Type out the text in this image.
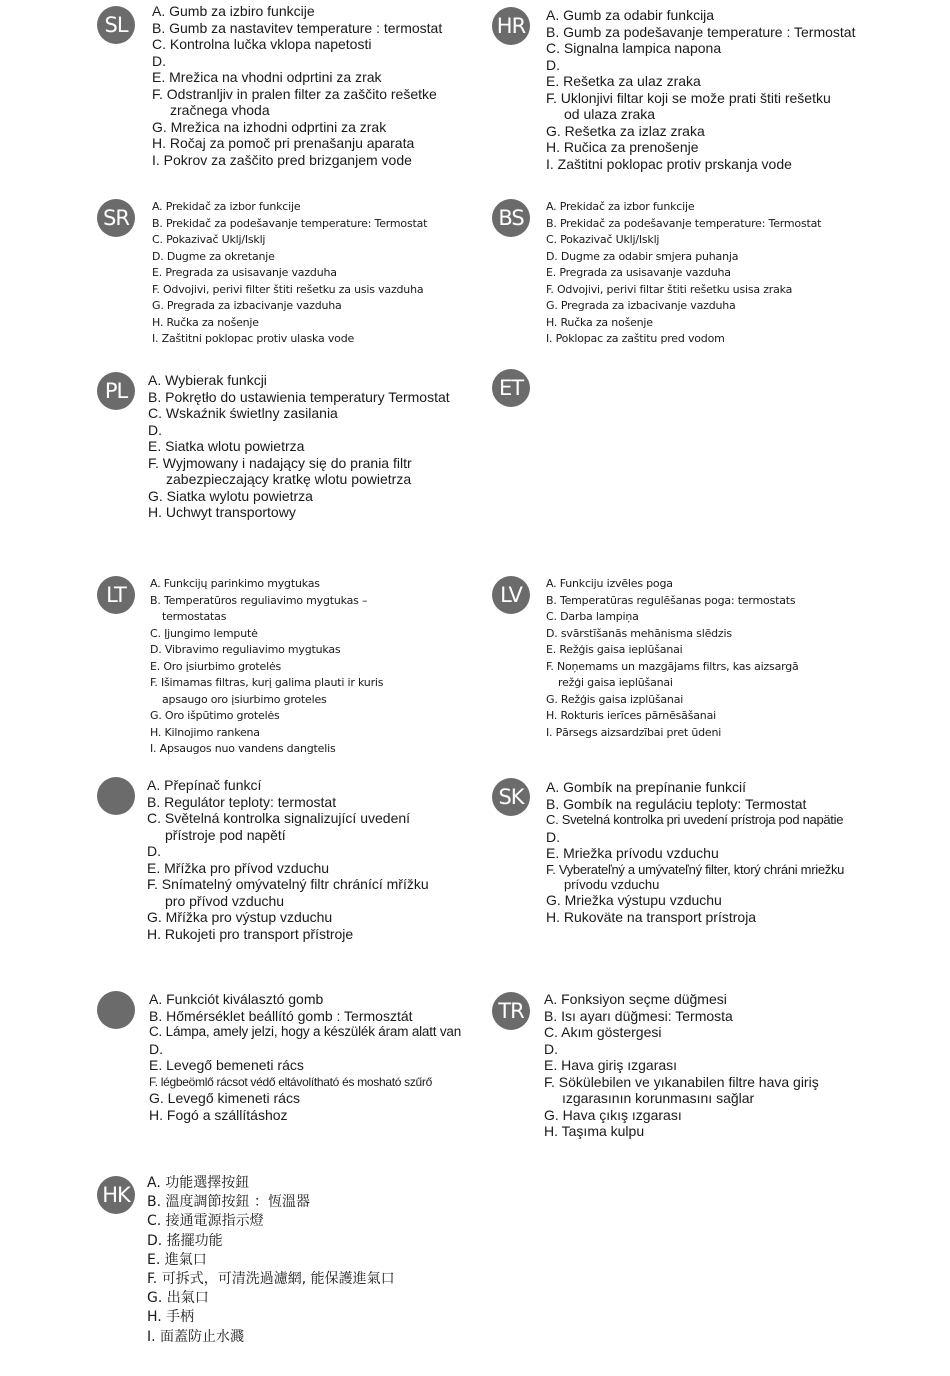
SL
A. Gumb za izbiro funkcije
B. Gumb za nastavitev temperature : termostat
C. Kontrolna lučka vklopa napetosti
D.
E. Mrežica na vhodni odprtini za zrak
F. Odstranljiv in pralen filter za zaščito rešetke
zračnega vhoda
G. Mrežica na izhodni odprtini za zrak
H. Ročaj za pomoč pri prenašanju aparata
I. Pokrov za zaščito pred brizganjem vode
HR	A. Gumb za odabir funkcija
B. Gumb za podešavanje temperature : Termostat
C. Signalna lampica napona
D.
E. Rešetka za ulaz zraka
F. Uklonjivi filtar koji se može prati štiti rešetku
od ulaza zraka
G. Rešetka za izlaz zraka
H. Ručica za prenošenje
I. Zaštitni poklopac protiv prskanja vode
SR	A. Prekidač za izbor funkcije
B. Prekidač za podešavanje temperature: Termostat
C. Pokazivač Uklj/Isklj
D. Dugme za okretanje
E. Pregrada za usisavanje vazduha
F. Odvojivi, perivi filter štiti rešetku za usis vazduha
G. Pregrada za izbacivanje vazduha
H. Ručka za nošenje
I. Zaštitni poklopac protiv ulaska vode
BS	A. Prekidač za izbor funkcije
B. Prekidač za podešavanje temperature: Termostat
C. Pokazivač Uklj/Isklj
D. Dugme za odabir smjera puhanja
E. Pregrada za usisavanje vazduha
F. Odvojivi, perivi filtar štiti rešetku usisa zraka
G. Pregrada za izbacivanje vazduha
H. Ručka za nošenje
I. Poklopac za zaštitu pred vodom
PL	A. Wybierak funkcji
B. Pokrętło do ustawienia temperatury Termostat
C. Wskaźnik świetlny zasilania
D.
E. Siatka wlotu powietrza
F. Wyjmowany i nadający się do prania filtr
zabezpieczający kratkę wlotu powietrza
G. Siatka wylotu powietrza
H. Uchwyt transportowy
ET
LT	A. Funkcijų parinkimo mygtukas
B. Temperatūros reguliavimo mygtukas –
termostatas
C. Įjungimo lemputė
D. Vibravimo reguliavimo mygtukas
E. Oro įsiurbimo grotelės
F. Išimamas filtras, kurį galima plauti ir kuris
apsaugo oro įsiurbimo groteles
G. Oro išpūtimo grotelės
H. Kilnojimo rankena
I. Apsaugos nuo vandens dangtelis
LV	A. Funkciju izvēles poga
B. Temperatūras regulēšanas poga: termostats
C. Darba lampiņa
D. svārstīšanās mehānisma slēdzis
E. Režģis gaisa ieplūšanai
F. Noņemams un mazgājams filtrs, kas aizsargā
režģi gaisa ieplūšanai
G. Režģis gaisa izplūšanai
H. Rokturis ierīces pārnēsāšanai
I. Pārsegs aizsardzībai pret ūdeni
A. Přepínač funkcí
B. Regulátor teploty: termostat
C. Světelná kontrolka signalizující uvedení
přístroje pod napětí
D.
E. Mřížka pro přívod vzduchu
F. Snímatelný omývatelný filtr chránící mřížku
pro přívod vzduchu
G. Mřížka pro výstup vzduchu
H. Rukojeti pro transport přístroje
SK	A. Gombík na prepínanie funkcií
B. Gombík na reguláciu teploty: Termostat
C. Svetelná kontrolka pri uvedení prístroja pod napätie
D.
E. Mriežka prívodu vzduchu
F. Vyberateľný a umývateľný filter, ktorý chráni mriežku
prívodu vzduchu
G. Mriežka výstupu vzduchu
H. Rukoväte na transport prístroja
A. Funkciót kiválasztó gomb
B. Hőmérséklet beállító gomb : Termosztát
C. Lámpa, amely jelzi, hogy a készülék áram alatt van
D.
E. Levegő bemeneti rács
F. légbeömlő rácsot védő eltávolítható és mosható szűrő
G. Levegő kimeneti rács
H. Fogó a szállításhoz
TR	A. Fonksiyon seçme düğmesi
B. Isı ayarı düğmesi: Termosta
C. Akım göstergesi
D.
E. Hava giriş ızgarası
F. Sökülebilen ve yıkanabilen filtre hava giriş
ızgarasının korunmasını sağlar
G. Hava çıkış ızgarası
H. Taşıma kulpu
HK	A. 功能選擇按鈕
B. 溫度調節按鈕 ：恆溫器
C. 接通電源指示燈
D. 搖擺功能
E. 進氣口
F. 可拆式，可清洗過濾網, 能保護進氣口
G. 出氣口
H. 手柄
I. 面蓋防止水濺
